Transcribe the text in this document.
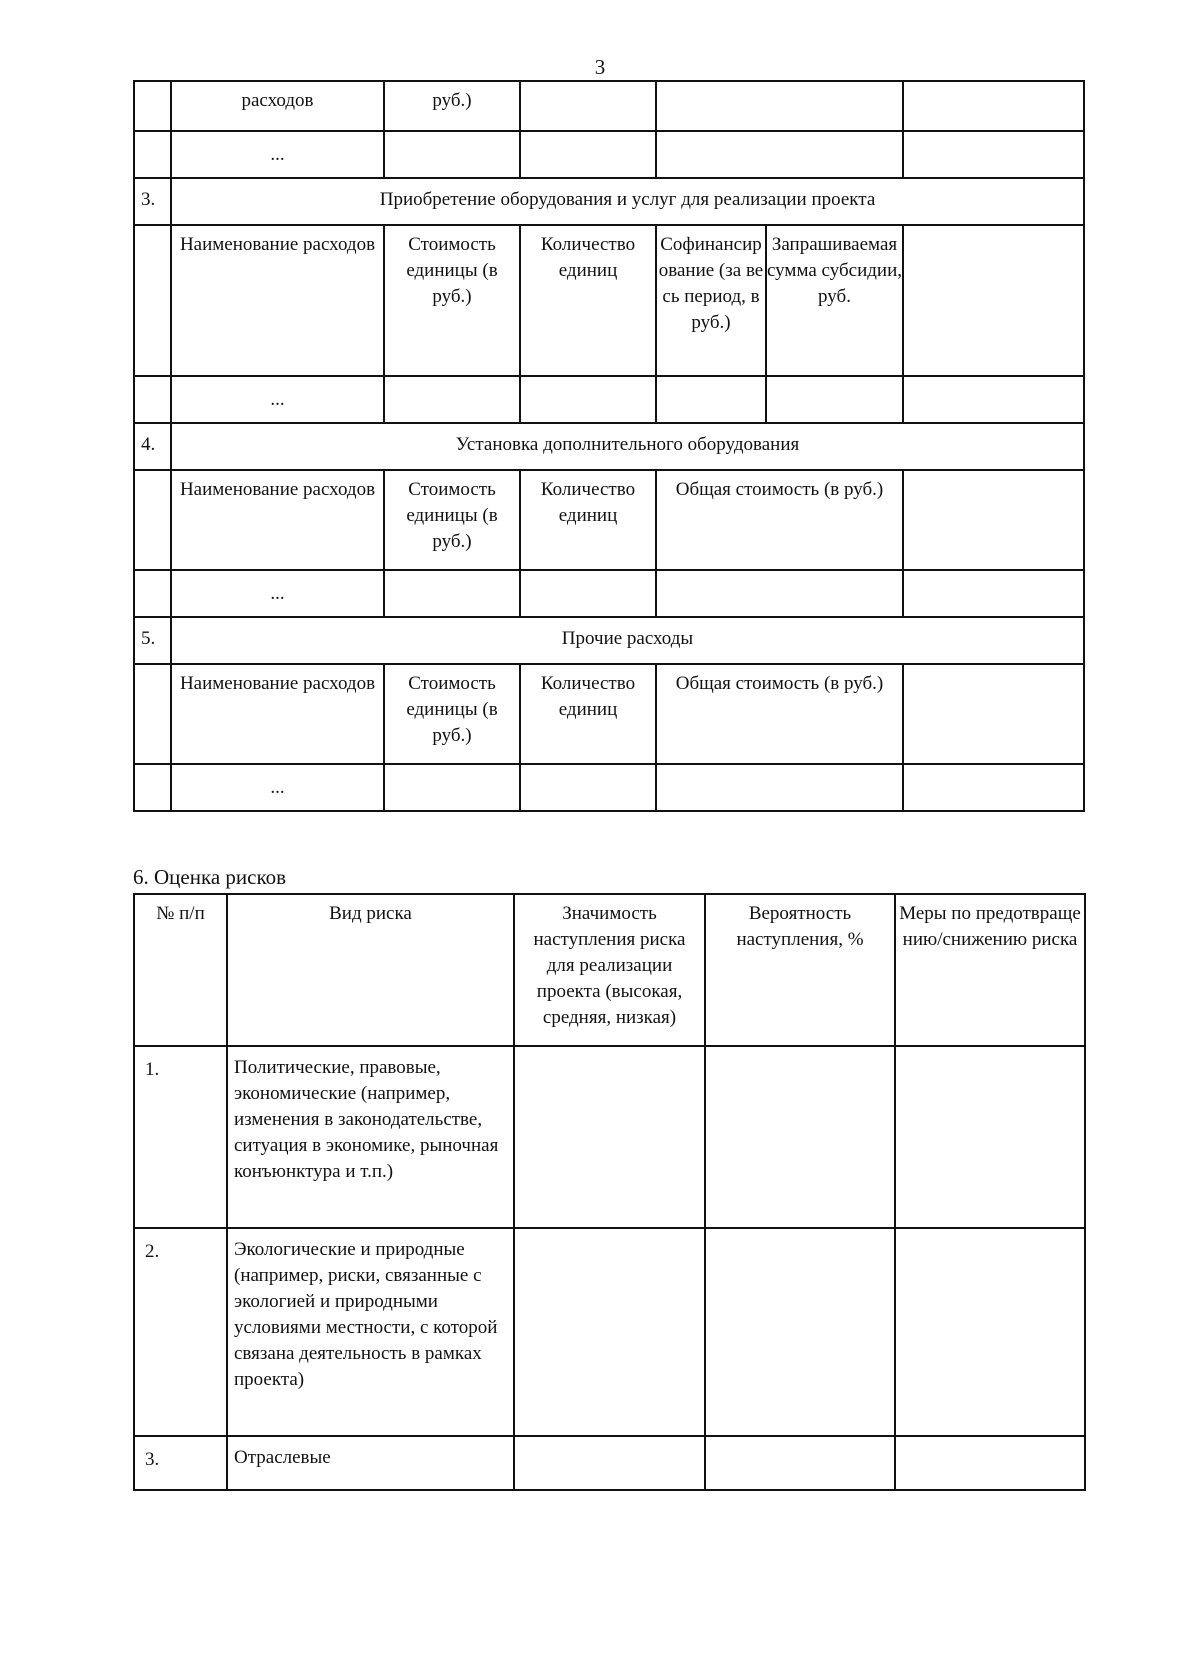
3
	расходов	руб.)				
	...					
3.	Приобретение оборудования и услуг для реализации проекта					
	Наименование расходов	Стоимость единицы (в руб.)	Количество единиц	Софинансирование (за весь период, в руб.)	Запрашиваемая сумма субсидии, руб.	
	...					
4.	Установка дополнительного оборудования					
	Наименование расходов	Стоимость единицы (в руб.)	Количество единиц	Общая стоимость (в руб.)		
	...					
5.	Прочие расходы					
	Наименование расходов	Стоимость единицы (в руб.)	Количество единиц	Общая стоимость (в руб.)		
	...					
6. Оценка рисков
№ п/п	Вид риска	Значимость наступления риска для реализации проекта (высокая, средняя, низкая)	Вероятность наступления, %	Меры по предотвращению/снижению риска
1.	Политические, правовые, экономические (например, изменения в законодательстве, ситуация в экономике, рыночная конъюнктура и т.п.)			
2.	Экологические и природные (например, риски, связанные с экологией и природными условиями местности, с которой связана деятельность в рамках проекта)			
3.	Отраслевые			
